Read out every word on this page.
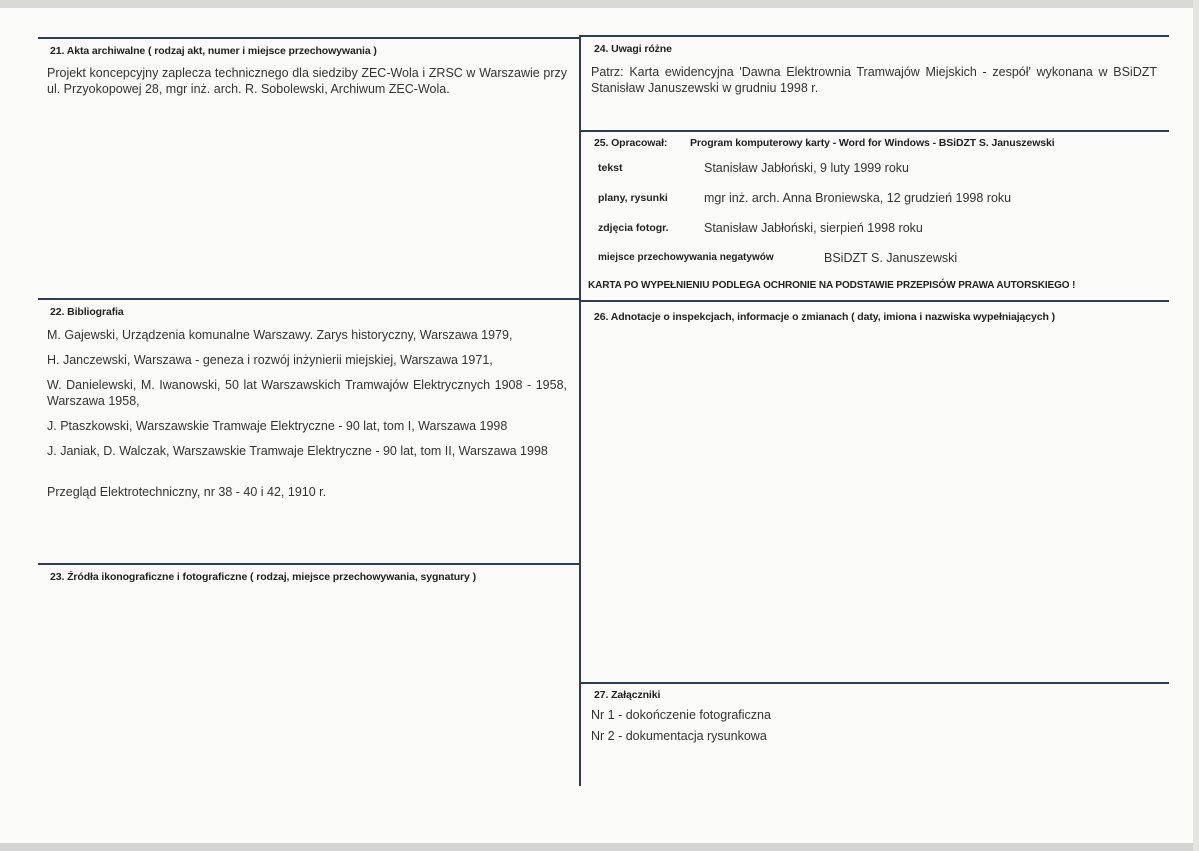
21. Akta archiwalne ( rodzaj akt, numer i miejsce przechowywania )
Projekt koncepcyjny zaplecza technicznego dla siedziby ZEC-Wola i ZRSC w Warszawie przy ul. Przyokopowej 28, mgr inż. arch. R. Sobolewski, Archiwum ZEC-Wola.
22. Bibliografia
M. Gajewski, Urządzenia komunalne Warszawy. Zarys historyczny, Warszawa 1979,
H. Janczewski, Warszawa - geneza i rozwój inżynierii miejskiej, Warszawa 1971,
W. Danielewski, M. Iwanowski, 50 lat Warszawskich Tramwajów Elektrycznych 1908 - 1958, Warszawa 1958,
J. Ptaszkowski, Warszawskie Tramwaje Elektryczne - 90 lat, tom I, Warszawa 1998
J. Janiak, D. Walczak, Warszawskie Tramwaje Elektryczne - 90 lat, tom II, Warszawa 1998
Przegląd Elektrotechniczny, nr 38 - 40 i 42, 1910 r.
23. Źródła ikonograficzne i fotograficzne ( rodzaj, miejsce przechowywania, sygnatury )
24. Uwagi różne
Patrz: Karta ewidencyjna 'Dawna Elektrownia Tramwajów Miejskich - zespół' wykonana w BSiDZT Stanisław Januszewski w grudniu 1998 r.
25. Opracował: Program komputerowy karty - Word for Windows - BSiDZT S. Januszewski
tekst	Stanisław Jabłoński, 9 luty 1999 roku
plany, rysunki	mgr inż. arch. Anna Broniewska, 12 grudzień 1998 roku
zdjęcia fotogr.	Stanisław Jabłoński, sierpień 1998 roku
miejsce przechowywania negatywów	BSiDZT S. Januszewski
KARTA PO WYPEŁNIENIU PODLEGA OCHRONIE NA PODSTAWIE PRZEPISÓW PRAWA AUTORSKIEGO !
26. Adnotacje o inspekcjach, informacje o zmianach ( daty, imiona i nazwiska wypełniających )
27. Załączniki
Nr 1 - dokończenie fotograficzna
Nr 2 - dokumentacja rysunkowa
